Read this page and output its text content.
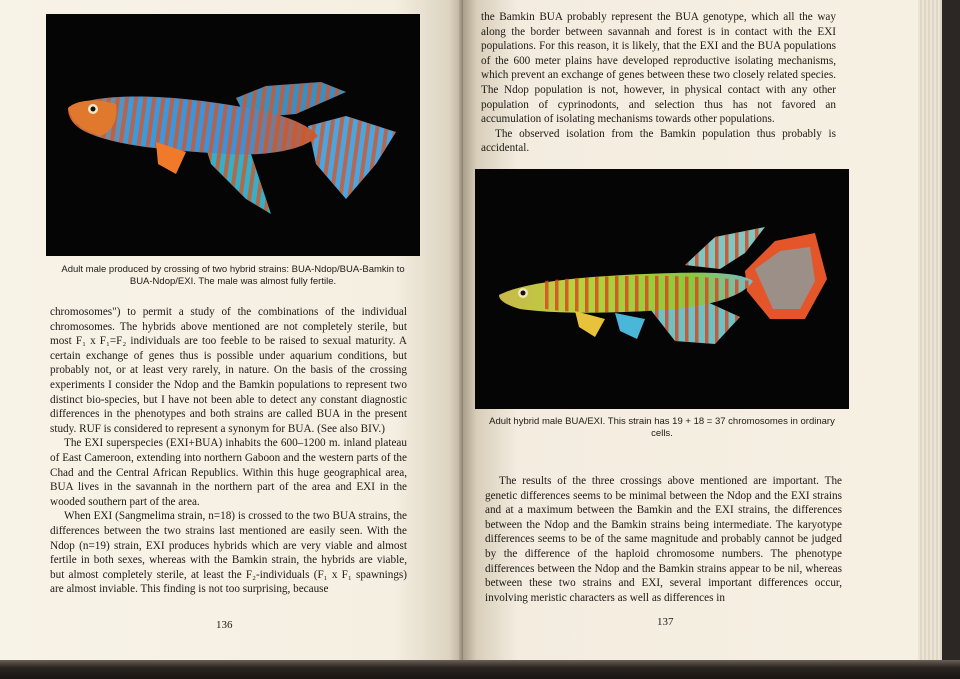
Adult male produced by crossing of two hybrid strains: BUA-Ndop/BUA-Bamkin to BUA-Ndop/EXI. The male was almost fully fertile.

chromosomes") to permit a study of the combinations of the individual chromosomes. The hybrids above mentioned are not completely sterile, but most F₁ x F₁=F₂ individuals are too feeble to be raised to sexual maturity. A certain exchange of genes thus is possible under aquarium conditions, but probably not, or at least very rarely, in nature. On the basis of the crossing experiments I consider the Ndop and the Bamkin populations to represent two distinct bio-species, but I have not been able to detect any constant diagnostic differences in the phenotypes and both strains are called BUA in the present study. RUF is considered to represent a synonym for BUA. (See also BIV.)

The EXI superspecies (EXI+BUA) inhabits the 600–1200 m. inland plateau of East Cameroon, extending into northern Gaboon and the western parts of the Chad and the Central African Republics. Within this huge geographical area, BUA lives in the savannah in the northern part of the area and EXI in the wooded southern part of the area.

When EXI (Sangmelima strain, n=18) is crossed to the two BUA strains, the differences between the two strains last mentioned are easily seen. With the Ndop (n=19) strain, EXI produces hybrids which are very viable and almost fertile in both sexes, whereas with the Bamkin strain, the hybrids are viable, but almost completely sterile, at least the F₂-individuals (F₁ x F₁ spawnings) are almost inviable. This finding is not too surprising, because

136

the Bamkin BUA probably represent the BUA genotype, which all the way along the border between savannah and forest is in contact with the EXI populations. For this reason, it is likely, that the EXI and the BUA populations of the 600 meter plains have developed reproductive isolating mechanisms, which prevent an exchange of genes between these two closely related species. The Ndop population is not, however, in physical contact with any other population of cyprinodonts, and selection thus has not favored an accumulation of isolating mechanisms towards other populations.

The observed isolation from the Bamkin population thus probably is accidental.

Adult hybrid male BUA/EXI. This strain has 19 + 18 = 37 chromosomes in ordinary cells.

The results of the three crossings above mentioned are important. The genetic differences seems to be minimal between the Ndop and the EXI strains and at a maximum between the Bamkin and the EXI strains, the differences between the Ndop and the Bamkin strains being intermediate. The karyotype differences seems to be of the same magnitude and probably cannot be judged by the difference of the haploid chromosome numbers. The phenotype differences between the Ndop and the Bamkin strains appear to be nil, whereas between these two strains and EXI, several important differences occur, involving meristic characters as well as differences in

137
